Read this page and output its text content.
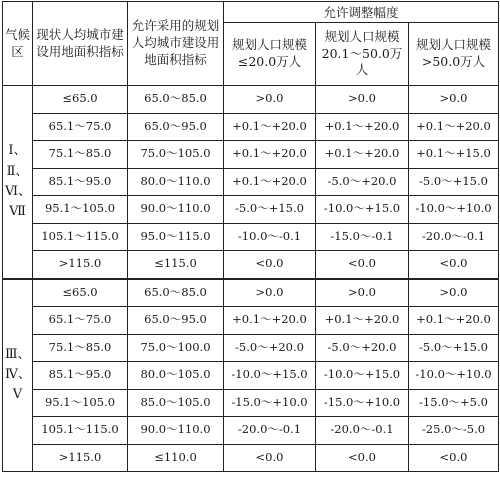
气候区	现状人均城市建设用地面积指标	允许采用的规划人均城市建设用地面积指标	允许调整幅度		
			规划人口规模≤20.0万人	规划人口规模20.1～50.0万人	规划人口规模>50.0万人
Ⅰ、Ⅱ、Ⅵ、Ⅶ	≤65.0	65.0～85.0	>0.0	>0.0	>0.0
	65.1～75.0	65.0～95.0	+0.1～+20.0	+0.1～+20.0	+0.1～+20.0
	75.1～85.0	75.0～105.0	+0.1～+20.0	+0.1～+20.0	+0.1～+15.0
	85.1～95.0	80.0～110.0	+0.1～+20.0	-5.0～+20.0	-5.0～+15.0
	95.1～105.0	90.0～110.0	-5.0～+15.0	-10.0～+15.0	-10.0～+10.0
	105.1～115.0	95.0～115.0	-10.0～-0.1	-15.0～-0.1	-20.0～-0.1
	>115.0	≤115.0	<0.0	<0.0	<0.0
Ⅲ、Ⅳ、Ⅴ	≤65.0	65.0～85.0	>0.0	>0.0	>0.0
	65.1～75.0	65.0～95.0	+0.1～+20.0	+0.1～+20.0	+0.1～+20.0
	75.1～85.0	75.0～100.0	-5.0～+20.0	-5.0～+20.0	-5.0～+15.0
	85.1～95.0	80.0～105.0	-10.0～+15.0	-10.0～+15.0	-10.0～+10.0
	95.1～105.0	85.0～105.0	-15.0～+10.0	-15.0～+10.0	-15.0～+5.0
	105.1～115.0	90.0～110.0	-20.0～-0.1	-20.0～-0.1	-25.0～-5.0
	>115.0	≤110.0	<0.0	<0.0	<0.0
